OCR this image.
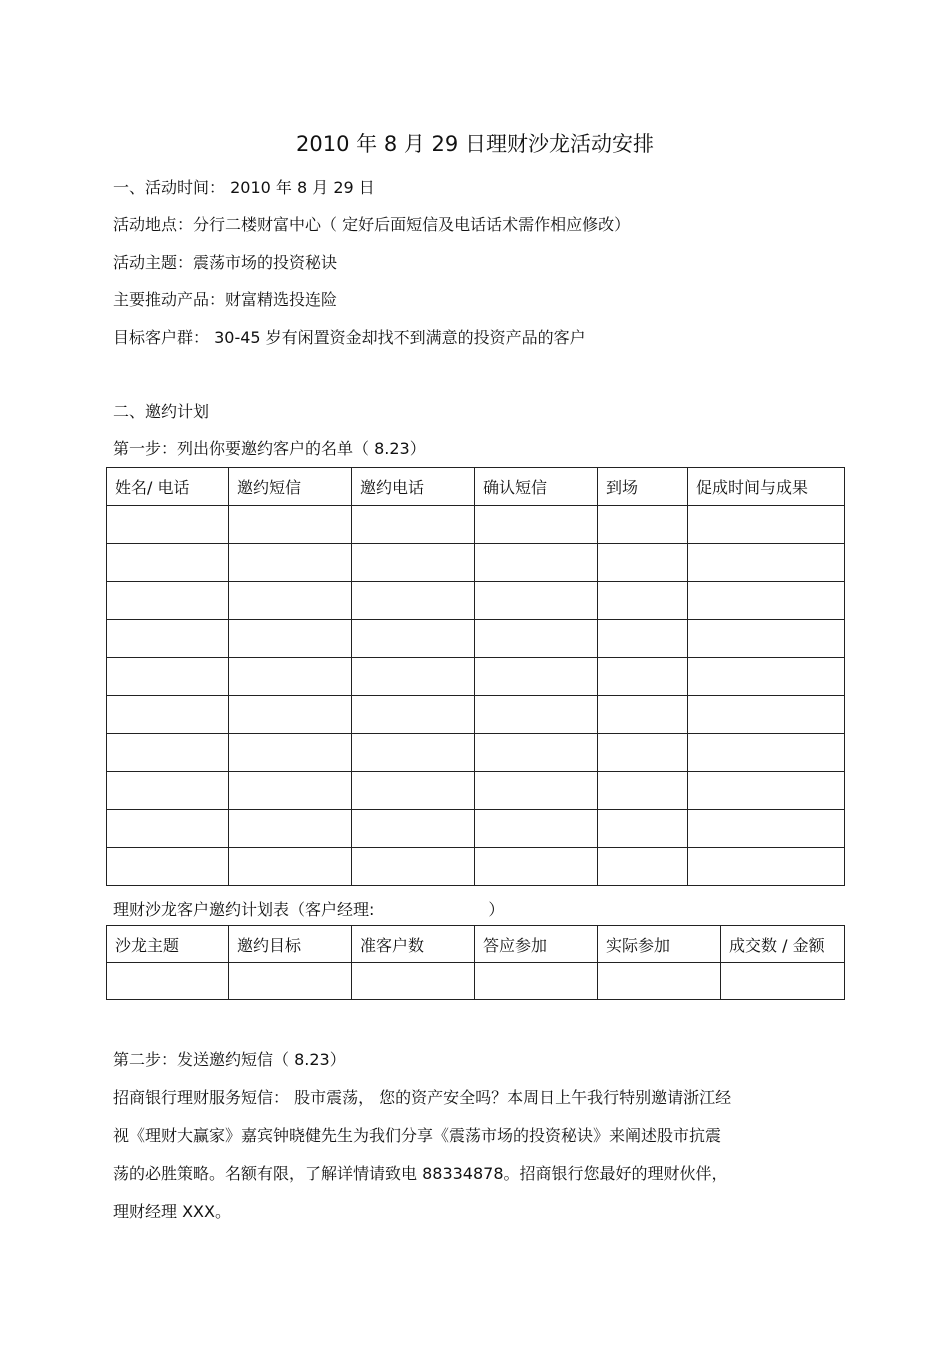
2010 年 8 月 29 日理财沙龙活动安排
一、活动时间： 2010 年 8 月 29 日
活动地点：分行二楼财富中心（ 定好后面短信及电话话术需作相应修改）
活动主题：震荡市场的投资秘诀
主要推动产品：财富精选投连险
目标客户群： 30-45 岁有闲置资金却找不到满意的投资产品的客户
二、邀约计划
第一步：列出你要邀约客户的名单（ 8.23）
姓名/ 电话	邀约短信	邀约电话	确认短信	到场	促成时间与成果

理财沙龙客户邀约计划表（客户经理:	）
沙龙主题	邀约目标	准客户数	答应参加	实际参加	成交数 / 金额

第二步：发送邀约短信（ 8.23）
招商银行理财服务短信： 股市震荡， 您的资产安全吗？本周日上午我行特别邀请浙江经
视《理财大赢家》嘉宾钟晓健先生为我们分享《震荡市场的投资秘诀》来阐述股市抗震
荡的必胜策略。名额有限，了解详情请致电 88334878。招商银行您最好的理财伙伴，
理财经理 XXX。
